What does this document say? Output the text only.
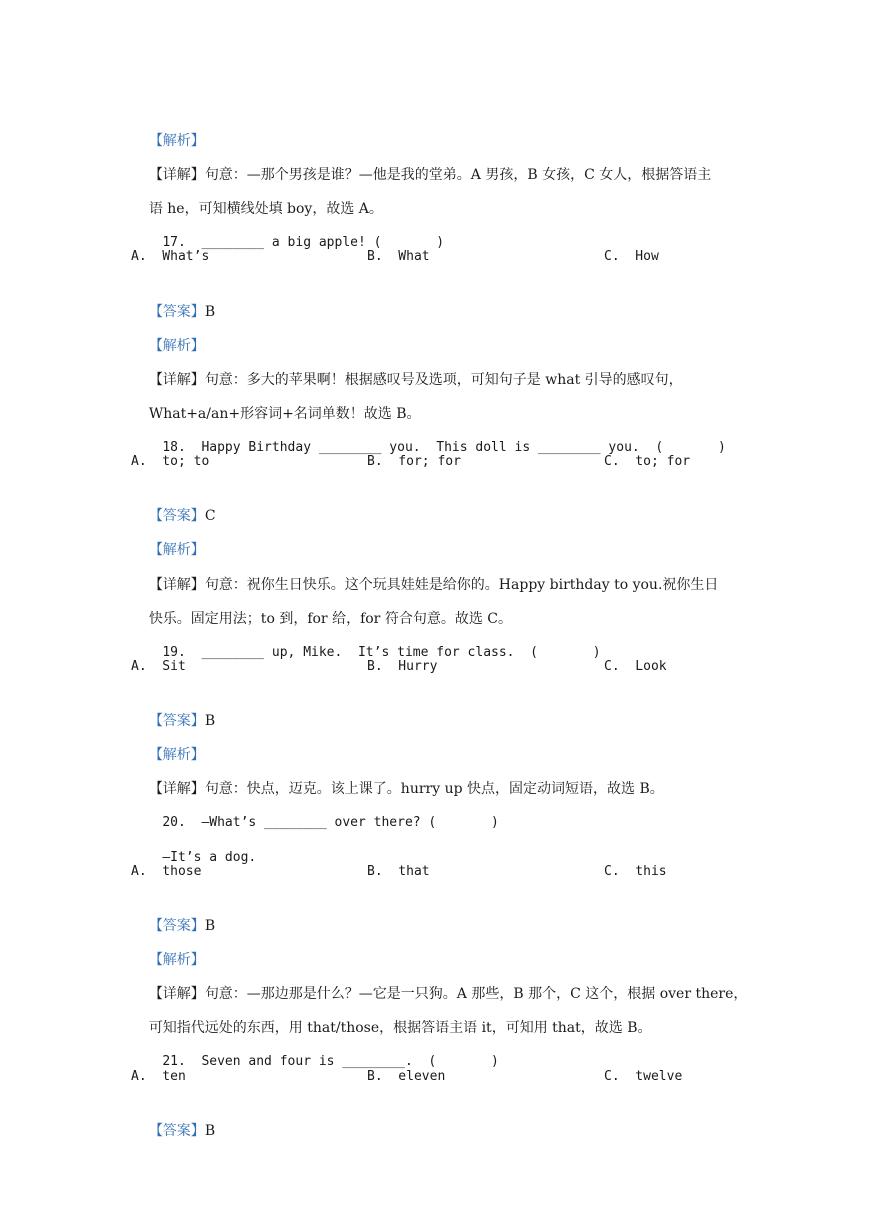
【解析】

【详解】句意：—那个男孩是谁？—他是我的堂弟。A 男孩，B 女孩，C 女人，根据答语主

语 he，可知横线处填 boy，故选 A。

17.  ________ a big apple! (       )

A.  What’s	B.  What	C.  How

【答案】B

【解析】

【详解】句意：多大的苹果啊！根据感叹号及选项，可知句子是 what 引导的感叹句，

What+a/an+形容词+名词单数！故选 B。

18.  Happy Birthday ________ you.  This doll is ________ you.  (       )

A.  to; to	B.  for; for	C.  to; for

【答案】C

【解析】

【详解】句意：祝你生日快乐。这个玩具娃娃是给你的。Happy birthday to you.祝你生日

快乐。固定用法；to 到，for 给，for 符合句意。故选 C。

19.  ________ up, Mike.  It’s time for class.  (       )

A.  Sit	B.  Hurry	C.  Look

【答案】B

【解析】

【详解】句意：快点，迈克。该上课了。hurry up 快点，固定动词短语，故选 B。

20.  —What’s ________ over there? (       )

—It’s a dog.

A.  those	B.  that	C.  this

【答案】B

【解析】

【详解】句意：—那边那是什么？—它是一只狗。A 那些，B 那个，C 这个，根据 over there，

可知指代远处的东西，用 that/those，根据答语主语 it，可知用 that，故选 B。

21.  Seven and four is ________.  (       )

A.  ten	B.  eleven	C.  twelve

【答案】B
